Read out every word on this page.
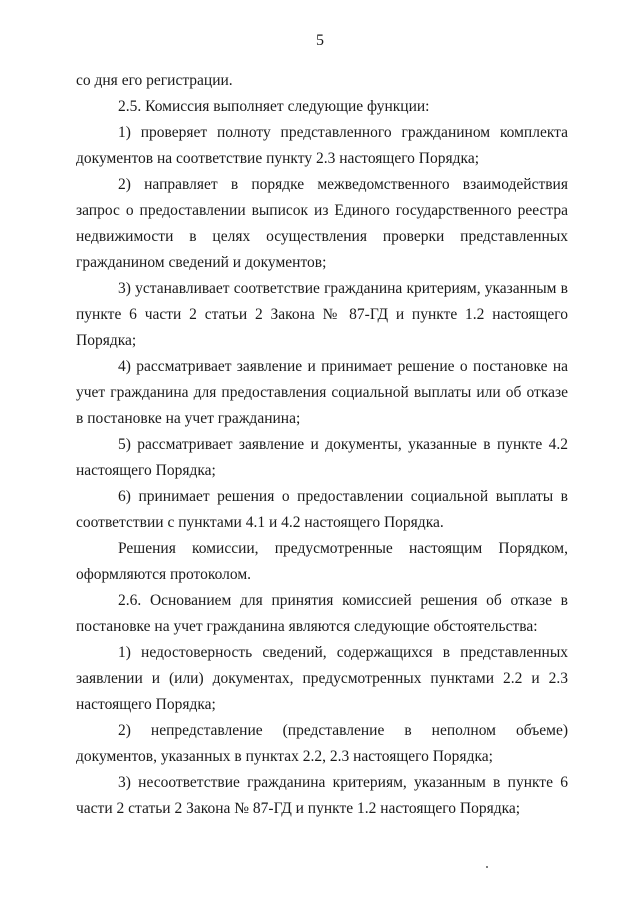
5

со дня его регистрации.

2.5. Комиссия выполняет следующие функции:

1) проверяет полноту представленного гражданином комплекта документов на соответствие пункту 2.3 настоящего Порядка;

2) направляет в порядке межведомственного взаимодействия запрос о предоставлении выписок из Единого государственного реестра недвижимости в целях осуществления проверки представленных гражданином сведений и документов;

3) устанавливает соответствие гражданина критериям, указанным в пункте 6 части 2 статьи 2 Закона № 87-ГД и пункте 1.2 настоящего Порядка;

4) рассматривает заявление и принимает решение о постановке на учет гражданина для предоставления социальной выплаты или об отказе в постановке на учет гражданина;

5) рассматривает заявление и документы, указанные в пункте 4.2 настоящего Порядка;

6) принимает решения о предоставлении социальной выплаты в соответствии с пунктами 4.1 и 4.2 настоящего Порядка.

Решения комиссии, предусмотренные настоящим Порядком, оформляются протоколом.

2.6. Основанием для принятия комиссией решения об отказе в постановке на учет гражданина являются следующие обстоятельства:

1) недостоверность сведений, содержащихся в представленных заявлении и (или) документах, предусмотренных пунктами 2.2 и 2.3 настоящего Порядка;

2) непредставление (представление в неполном объеме) документов, указанных в пунктах 2.2, 2.3 настоящего Порядка;

3) несоответствие гражданина критериям, указанным в пункте 6 части 2 статьи 2 Закона № 87-ГД и пункте 1.2 настоящего Порядка;
